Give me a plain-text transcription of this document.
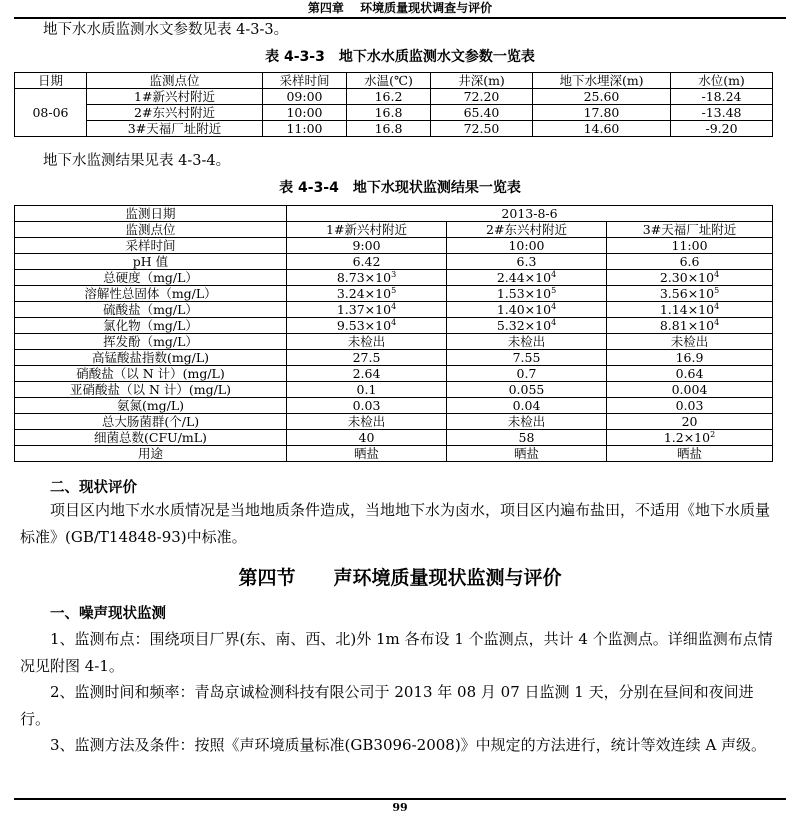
第四章 环境质量现状调查与评价
地下水水质监测水文参数见表 4-3-3。
表 4-3-3　地下水水质监测水文参数一览表
日期	监测点位	采样时间	水温(℃)	井深(m)	地下水埋深(m)	水位(m)
08-06	1#新兴村附近	09:00	16.2	72.20	25.60	-18.24
	2#东兴村附近	10:00	16.8	65.40	17.80	-13.48
	3#天福厂址附近	11:00	16.8	72.50	14.60	-9.20
地下水监测结果见表 4-3-4。
表 4-3-4　地下水现状监测结果一览表
监测日期	2013-8-6		
监测点位	1#新兴村附近	2#东兴村附近	3#天福厂址附近
采样时间	9:00	10:00	11:00
pH 值	6.42	6.3	6.6
总硬度（mg/L）	$8.73\times 10^3$	$2.44\times 10^4$	$2.30\times 10^4$
溶解性总固体（mg/L）	$3.24\times 10^5$	$1.53\times 10^5$	$3.56\times 10^5$
硫酸盐（mg/L）	$1.37\times 10^4$	$1.40\times 10^4$	$1.14\times 10^4$
氯化物（mg/L）	$9.53\times 10^4$	$5.32\times 10^4$	$8.81\times 10^4$
挥发酚（mg/L）	未检出	未检出	未检出
高锰酸盐指数(mg/L)	27.5	7.55	16.9
硝酸盐（以 N 计）(mg/L)	2.64	0.7	0.64
亚硝酸盐（以 N 计）(mg/L)	0.1	0.055	0.004
氨氮(mg/L)	0.03	0.04	0.03
总大肠菌群(个/L)	未检出	未检出	20
细菌总数(CFU/mL)	40	58	$1.2\times 10^2$
用途	晒盐	晒盐	晒盐
二、现状评价
项目区内地下水水质情况是当地地质条件造成，当地地下水为卤水，项目区内遍布盐田，不适用《地下水质量标准》(GB/T14848-93)中标准。
第四节　　声环境质量现状监测与评价
一、噪声现状监测
1、监测布点：围绕项目厂界(东、南、西、北)外 1m 各布设 1 个监测点，共计 4 个监测点。详细监测布点情况见附图 4-1。
2、监测时间和频率：青岛京诚检测科技有限公司于 2013 年 08 月 07 日监测 1 天，分别在昼间和夜间进行。
3、监测方法及条件：按照《声环境质量标准(GB3096-2008)》中规定的方法进行，统计等效连续 A 声级。
99
